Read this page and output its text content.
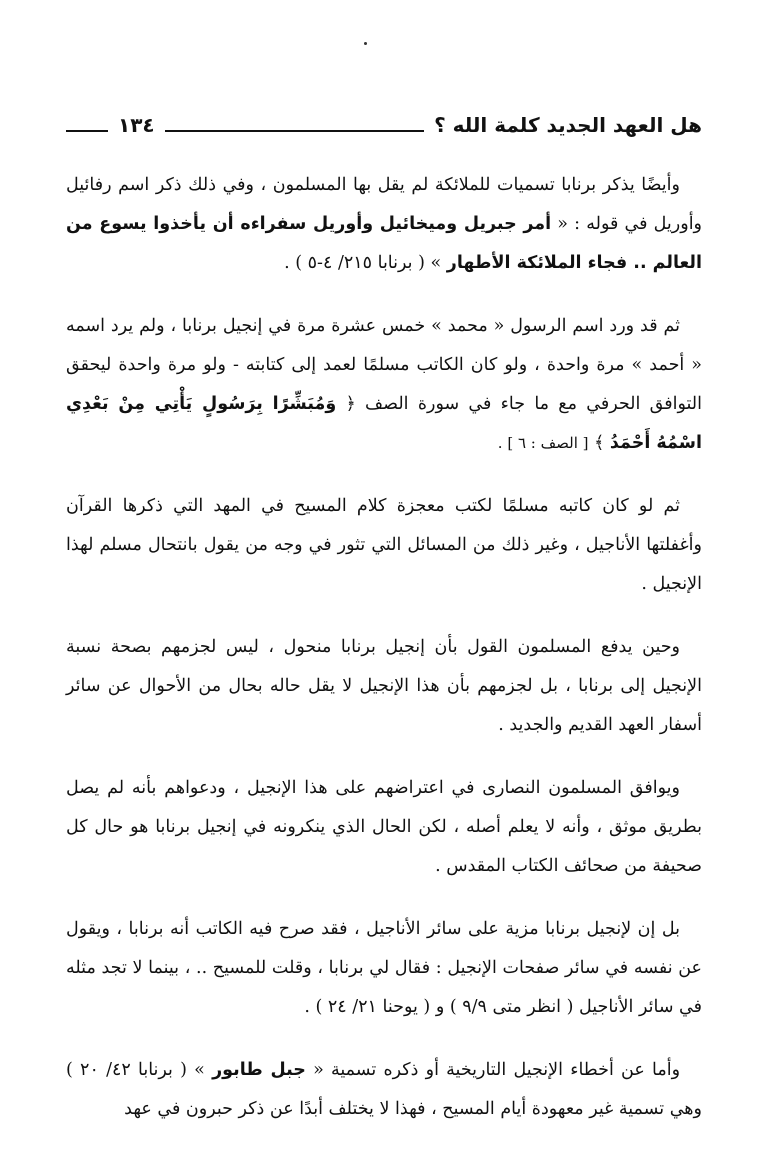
هل العهد الجديد كلمة الله ؟
١٣٤

وأيضًا يذكر برنابا تسميات للملائكة لم يقل بها المسلمون ، وفي ذلك ذكر اسم رفائيل وأوريل في قوله : « أمر جبريل وميخائيل وأوريل سفراءه أن يأخذوا يسوع من العالم .. فجاء الملائكة الأطهار » ( برنابا ٢١٥/ ٤-٥ ) .

ثم قد ورد اسم الرسول « محمد » خمس عشرة مرة في إنجيل برنابا ، ولم يرد اسمه « أحمد » مرة واحدة ، ولو كان الكاتب مسلمًا لعمد إلى كتابته - ولو مرة واحدة ليحقق التوافق الحرفي مع ما جاء في سورة الصف ﴿ وَمُبَشِّرًا بِرَسُولٍ يَأْتِي مِنْ بَعْدِي اسْمُهُ أَحْمَدُ ﴾ [ الصف : ٦ ] .

ثم لو كان كاتبه مسلمًا لكتب معجزة كلام المسيح في المهد التي ذكرها القرآن وأغفلتها الأناجيل ، وغير ذلك من المسائل التي تثور في وجه من يقول بانتحال مسلم لهذا الإنجيل .

وحين يدفع المسلمون القول بأن إنجيل برنابا منحول ، ليس لجزمهم بصحة نسبة الإنجيل إلى برنابا ، بل لجزمهم بأن هذا الإنجيل لا يقل حاله بحال من الأحوال عن سائر أسفار العهد القديم والجديد .

ويوافق المسلمون النصارى في اعتراضهم على هذا الإنجيل ، ودعواهم بأنه لم يصل بطريق موثق ، وأنه لا يعلم أصله ، لكن الحال الذي ينكرونه في إنجيل برنابا هو حال كل صحيفة من صحائف الكتاب المقدس .

بل إن لإنجيل برنابا مزية على سائر الأناجيل ، فقد صرح فيه الكاتب أنه برنابا ، ويقول عن نفسه في سائر صفحات الإنجيل : فقال لي برنابا ، وقلت للمسيح .. ، بينما لا تجد مثله في سائر الأناجيل ( انظر متى ٩/٩ ) و ( يوحنا ٢١/ ٢٤ ) .

وأما عن أخطاء الإنجيل التاريخية أو ذكره تسمية « جبل طابور » ( برنابا ٤٢/ ٢٠ ) وهي تسمية غير معهودة أيام المسيح ، فهذا لا يختلف أبدًا عن ذكر حبرون في عهد
